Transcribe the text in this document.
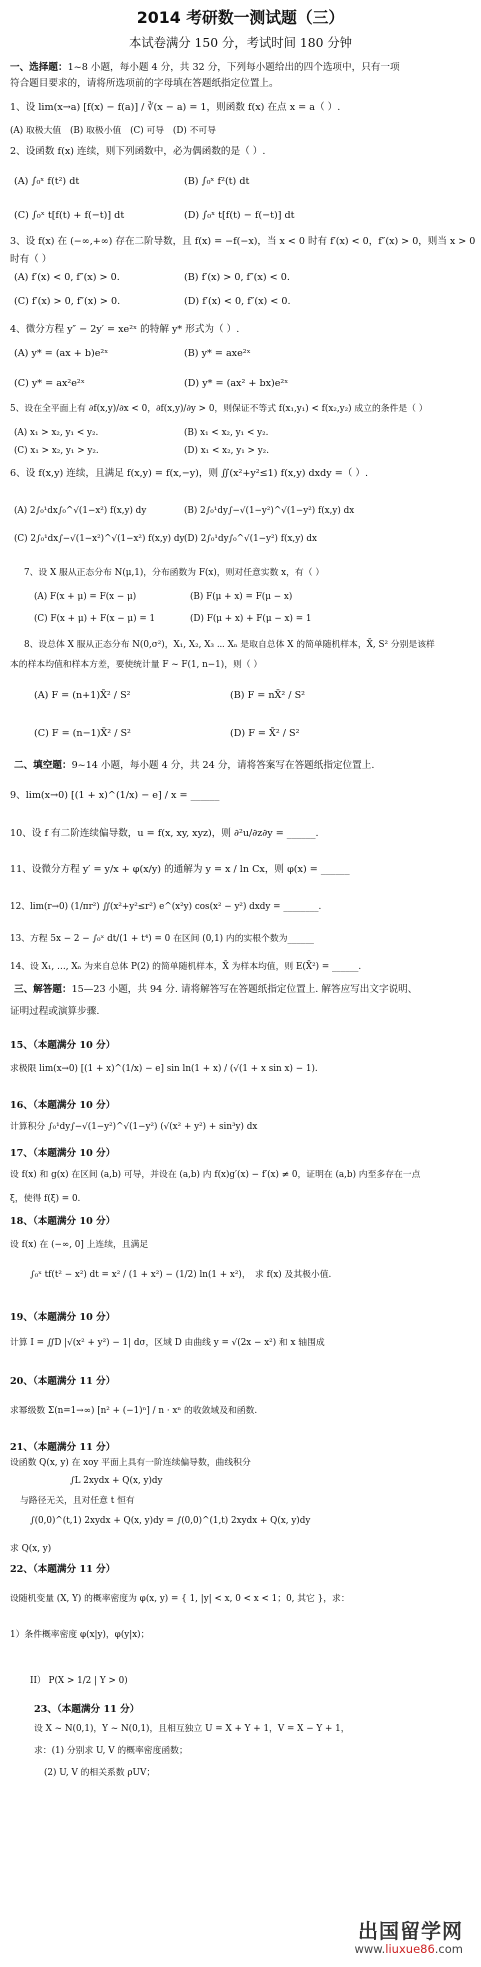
2014 考研数一测试题（三）
本试卷满分 150 分，考试时间 180 分钟
一、选择题：1~8 小题，每小题 4 分，共 32 分，下列每小题给出的四个选项中，只有一项
符合题目要求的，请将所选项前的字母填在答题纸指定位置上。
1、设 lim(x→a) [f(x) − f(a)] / ∛(x − a) = 1，则函数 f(x) 在点 x = a（ ）.
(A) 取极大值　(B) 取极小值　(C) 可导　(D) 不可导
2、设函数 f(x) 连续，则下列函数中，必为偶函数的是（ ）.
(A) ∫₀ˣ f(t²) dt	(B) ∫₀ˣ f²(t) dt
(C) ∫₀ˣ t[f(t) + f(−t)] dt	(D) ∫₀ˣ t[f(t) − f(−t)] dt
3、设 f(x) 在 (−∞,+∞) 存在二阶导数，且 f(x) = −f(−x)，当 x < 0 时有 f′(x) < 0，f″(x) > 0，则当 x > 0
时有（ ）
(A) f′(x) < 0, f″(x) > 0.	(B) f′(x) > 0, f″(x) < 0.
(C) f′(x) > 0, f″(x) > 0.	(D) f′(x) < 0, f″(x) < 0.
4、微分方程 y″ − 2y′ = xe²ˣ 的特解 y* 形式为（ ）.
(A) y* = (ax + b)e²ˣ	(B) y* = axe²ˣ
(C) y* = ax²e²ˣ	(D) y* = (ax² + bx)e²ˣ
5、设在全平面上有 ∂f(x,y)/∂x < 0，∂f(x,y)/∂y > 0，则保证不等式 f(x₁,y₁) < f(x₂,y₂) 成立的条件是（ ）
(A) x₁ > x₂, y₁ < y₂.	(B) x₁ < x₂, y₁ < y₂.
(C) x₁ > x₂, y₁ > y₂.	(D) x₁ < x₂, y₁ > y₂.
6、设 f(x,y) 连续，且满足 f(x,y) = f(x,−y)，则 ∬(x²+y²≤1) f(x,y) dxdy =（ ）.
(A) 2∫₀¹dx∫₀^√(1−x²) f(x,y) dy	(B) 2∫₀¹dy∫−√(1−y²)^√(1−y²) f(x,y) dx
(C) 2∫₀¹dx∫−√(1−x²)^√(1−x²) f(x,y) dy (D) 2∫₀¹dy∫₀^√(1−y²) f(x,y) dx
7、设 X 服从正态分布 N(μ,1)，分布函数为 F(x)，则对任意实数 x，有（ ）
(A) F(x + μ) = F(x − μ)	(B) F(μ + x) = F(μ − x)
(C) F(x + μ) + F(x − μ) = 1	(D) F(μ + x) + F(μ − x) = 1
8、设总体 X 服从正态分布 N(0,σ²)，X₁, X₂, X₃ ⋯ Xₙ 是取自总体 X 的简单随机样本，X̄, S² 分别是该样
本的样本均值和样本方差，要使统计量 F ~ F(1, n−1)，则（ ）
(A) F = (n+1)X̄² / S²	(B) F = nX̄² / S²
(C) F = (n−1)X̄² / S²	(D) F = X̄² / S²
二、填空题：9~14 小题，每小题 4 分，共 24 分，请将答案写在答题纸指定位置上.
9、lim(x→0) [(1 + x)^(1/x) − e] / x = ______
10、设 f 有二阶连续偏导数，u = f(x, xy, xyz)，则 ∂²u/∂z∂y = ______.
11、设微分方程 y′ = y/x + φ(x/y) 的通解为 y = x / ln Cx，则 φ(x) = ______
12、lim(r→0) (1/πr²) ∬(x²+y²≤r²) e^(x²y) cos(x² − y²) dxdy = ________.
13、方程 5x − 2 − ∫₀ˣ dt/(1 + t⁴) = 0 在区间 (0,1) 内的实根个数为______
14、设 X₁, …, Xₙ 为来自总体 P(2) 的简单随机样本，X̄ 为样本均值，则 E(X̄²) = ______.
三、解答题：15—23 小题，共 94 分. 请将解答写在答题纸指定位置上. 解答应写出文字说明、
证明过程或演算步骤.
15、（本题满分 10 分）
求极限 lim(x→0) [(1 + x)^(1/x) − e] sin ln(1 + x) / (√(1 + x sin x) − 1).
16、（本题满分 10 分）
计算积分 ∫₀¹dy∫−√(1−y²)^√(1−y²) (√(x² + y²) + sin³y) dx
17、（本题满分 10 分）
设 f(x) 和 g(x) 在区间 (a,b) 可导，并设在 (a,b) 内 f(x)g′(x) − f′(x) ≠ 0，证明在 (a,b) 内至多存在一点
ξ，使得 f(ξ) = 0.
18、（本题满分 10 分）
设 f(x) 在 (−∞, 0] 上连续，且满足
∫₀ˣ tf(t² − x²) dt = x² / (1 + x²) − (1/2) ln(1 + x²)，　求 f(x) 及其极小值.
19、（本题满分 10 分）
计算 I = ∬D |√(x² + y²) − 1| dσ，区域 D 由曲线 y = √(2x − x²) 和 x 轴围成
20、（本题满分 11 分）
求幂级数 Σ(n=1→∞) [n² + (−1)ⁿ] / n · xⁿ 的收敛域及和函数.
21、（本题满分 11 分）
设函数 Q(x, y) 在 xoy 平面上具有一阶连续偏导数，曲线积分
∫L 2xydx + Q(x, y)dy
与路径无关，且对任意 t 恒有
∫(0,0)^(t,1) 2xydx + Q(x, y)dy = ∫(0,0)^(1,t) 2xydx + Q(x, y)dy
求 Q(x, y)
22、（本题满分 11 分）
设随机变量 (X, Y) 的概率密度为 φ(x, y) = { 1, |y| < x, 0 < x < 1；0, 其它 }，求：
1）条件概率密度 φ(x|y)，φ(y|x)；
II） P(X > 1/2 | Y > 0)
23、（本题满分 11 分）
设 X ~ N(0,1)，Y ~ N(0,1)，且相互独立 U = X + Y + 1，V = X − Y + 1，
求：(1) 分别求 U, V 的概率密度函数；
(2) U, V 的相关系数 ρUV；
出国留学网
www.liuxue86.com
